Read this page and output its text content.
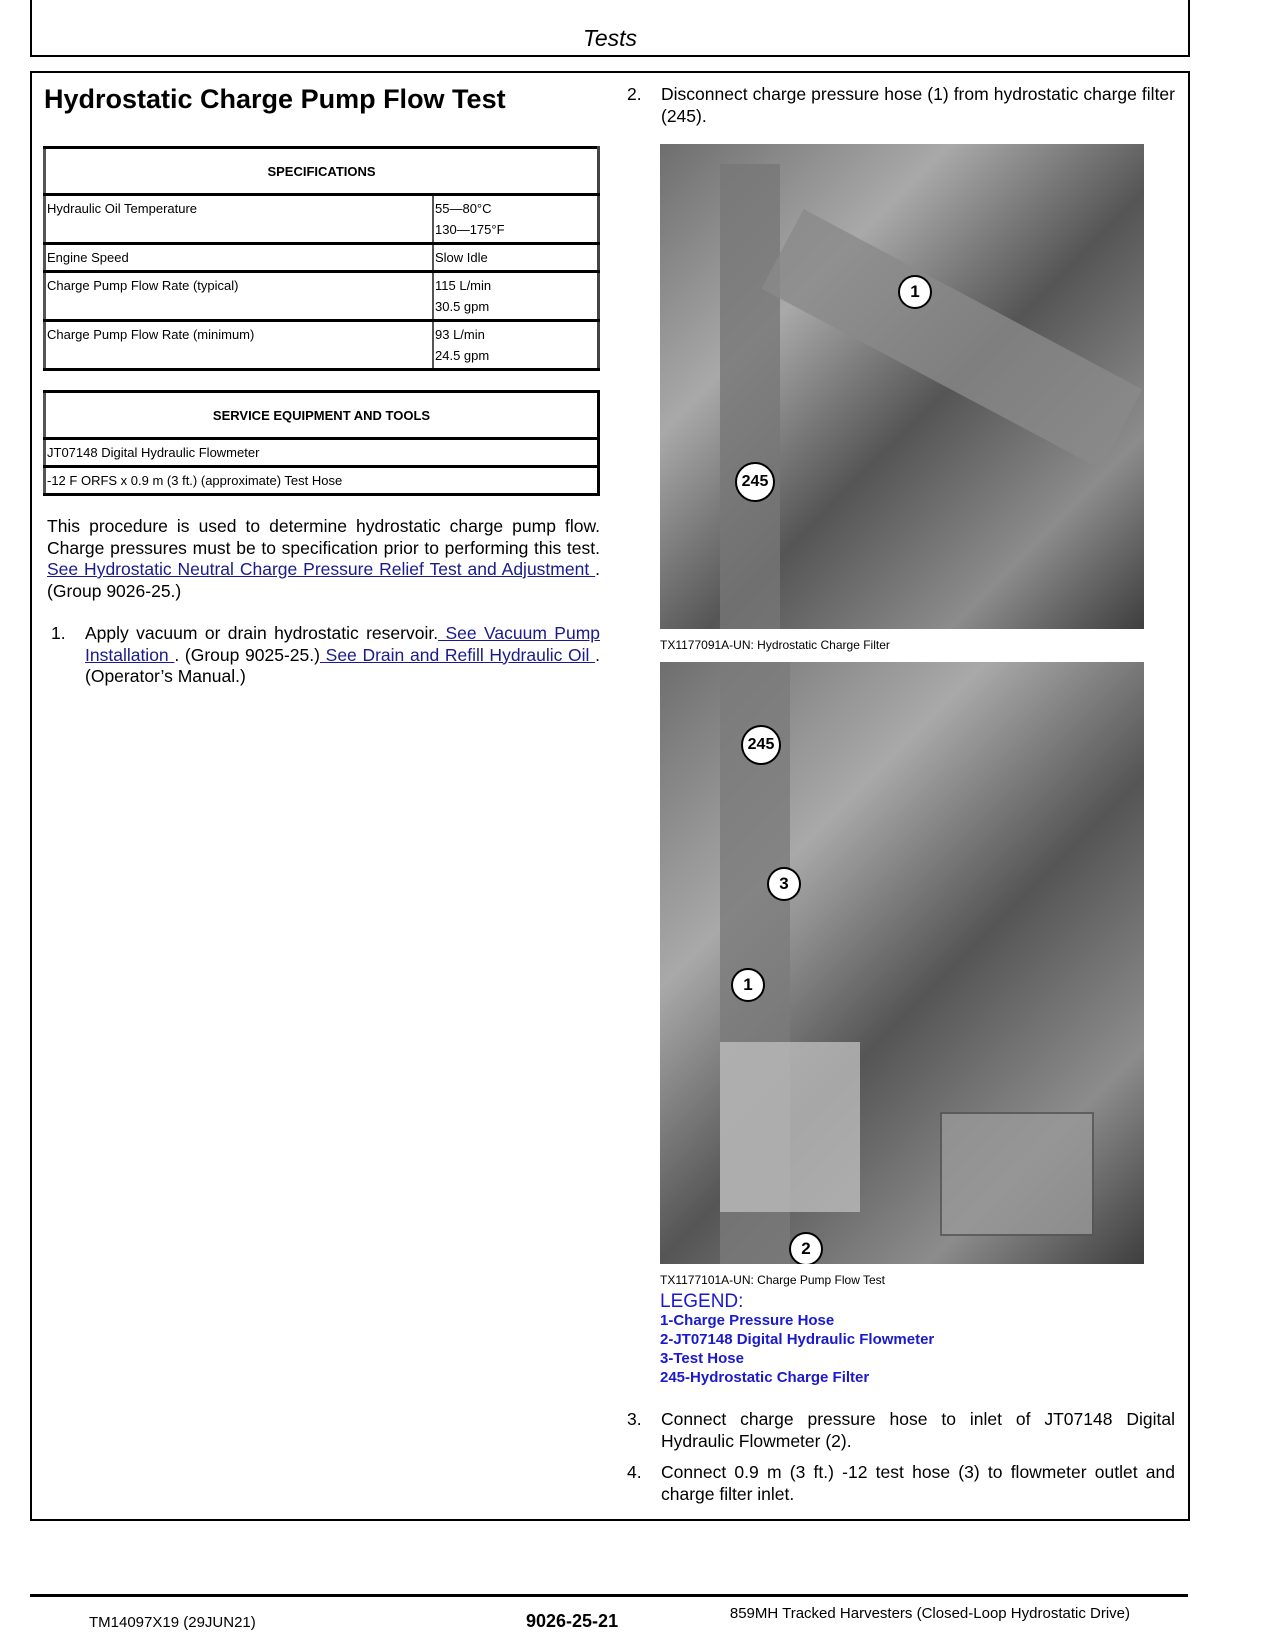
Tests
Hydrostatic Charge Pump Flow Test
SPECIFICATIONS	
Hydraulic Oil Temperature	55—80°C
130—175°F
Engine Speed	Slow Idle
Charge Pump Flow Rate (typical)	115 L/min
30.5 gpm
Charge Pump Flow Rate (minimum)	93 L/min
24.5 gpm
SERVICE EQUIPMENT AND TOOLS
JT07148 Digital Hydraulic Flowmeter
-12 F ORFS x 0.9 m (3 ft.) (approximate) Test Hose

This procedure is used to determine hydrostatic charge pump flow. Charge pressures must be to specification prior to performing this test. See Hydrostatic Neutral Charge Pressure Relief Test and Adjustment . (Group 9026-25.)

1. Apply vacuum or drain hydrostatic reservoir. See Vacuum Pump Installation . (Group 9025-25.) See Drain and Refill Hydraulic Oil . (Operator’s Manual.)
2. Disconnect charge pressure hose (1) from hydrostatic charge filter (245).
1
245
TX1177091A-UN: Hydrostatic Charge Filter
245
3
1
2
TX1177101A-UN: Charge Pump Flow Test
LEGEND:
1-Charge Pressure Hose
2-JT07148 Digital Hydraulic Flowmeter
3-Test Hose
245-Hydrostatic Charge Filter
3. Connect charge pressure hose to inlet of JT07148 Digital Hydraulic Flowmeter (2).
4. Connect 0.9 m (3 ft.) -12 test hose (3) to flowmeter outlet and charge filter inlet.
TM14097X19 (29JUN21)	9026-25-21	859MH Tracked Harvesters (Closed-Loop Hydrostatic Drive)
